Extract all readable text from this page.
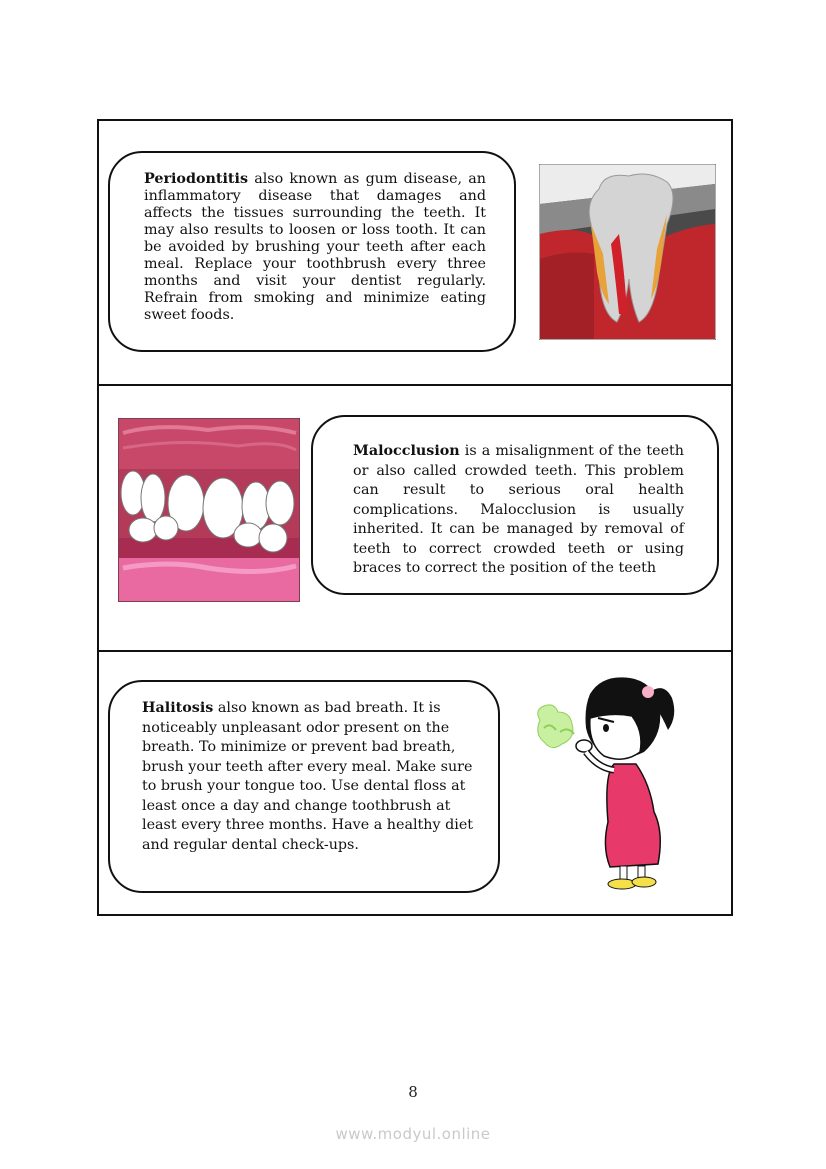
Periodontitis also known as gum disease, an inflammatory disease that damages and affects the tissues surrounding the teeth. It may also results to loosen or loss tooth. It can be avoided by brushing your teeth after each meal. Replace your toothbrush every three months and visit your dentist regularly. Refrain from smoking and minimize eating sweet foods.

Malocclusion is a misalignment of the teeth or also called crowded teeth. This problem can result to serious oral health complications. Malocclusion is usually inherited. It can be managed by removal of teeth to correct crowded teeth or using braces to correct the position of the teeth

Halitosis also known as bad breath. It is noticeably unpleasant odor present on the breath. To minimize or prevent bad breath, brush your teeth after every meal. Make sure to brush your tongue too. Use dental floss at least once a day and change toothbrush at least every three months. Have a healthy diet and regular dental check-ups.

8
www.modyul.online
